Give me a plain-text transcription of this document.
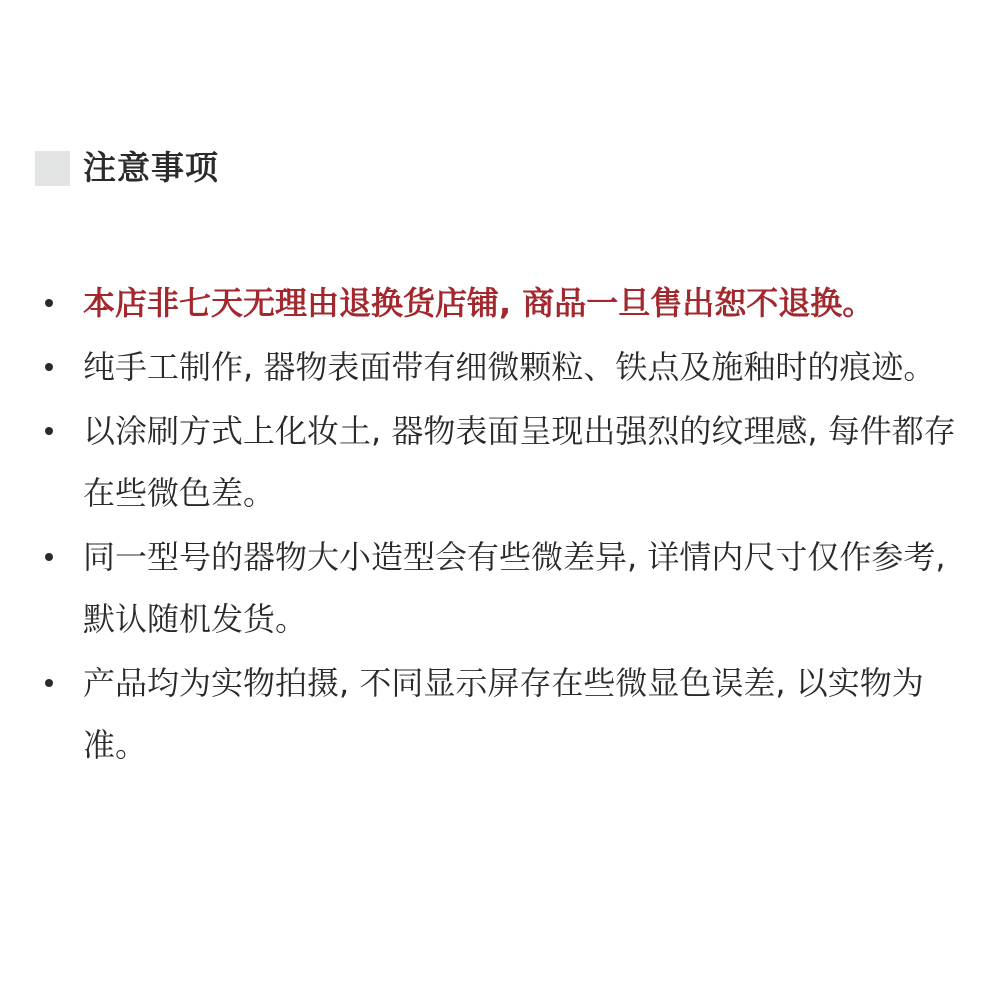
注意事项
本店非七天无理由退换货店铺, 商品一旦售出恕不退换。
纯手工制作, 器物表面带有细微颗粒、铁点及施釉时的痕迹。
以涂刷方式上化妆土, 器物表面呈现出强烈的纹理感, 每件都存在些微色差。
同一型号的器物大小造型会有些微差异, 详情内尺寸仅作参考, 默认随机发货。
产品均为实物拍摄, 不同显示屏存在些微显色误差, 以实物为准。
